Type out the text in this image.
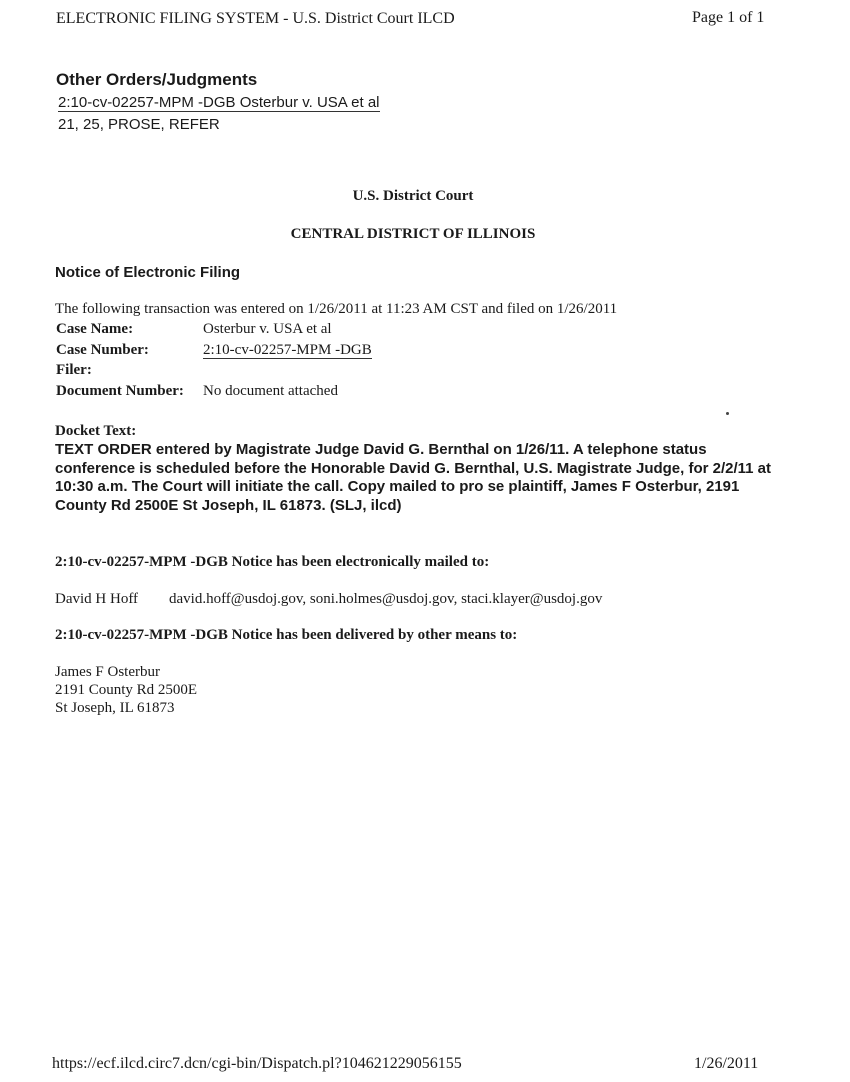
ELECTRONIC FILING SYSTEM - U.S. District Court ILCD	Page 1 of 1
Other Orders/Judgments
2:10-cv-02257-MPM -DGB Osterbur v. USA et al
21, 25, PROSE, REFER
U.S. District Court
CENTRAL DISTRICT OF ILLINOIS
Notice of Electronic Filing
The following transaction was entered on 1/26/2011 at 11:23 AM CST and filed on 1/26/2011
Case Name:	Osterbur v. USA et al
Case Number:	2:10-cv-02257-MPM -DGB
Filer:
Document Number: No document attached
Docket Text:
TEXT ORDER entered by Magistrate Judge David G. Bernthal on 1/26/11. A telephone status conference is scheduled before the Honorable David G. Bernthal, U.S. Magistrate Judge, for 2/2/11 at 10:30 a.m. The Court will initiate the call. Copy mailed to pro se plaintiff, James F Osterbur, 2191 County Rd 2500E St Joseph, IL 61873. (SLJ, ilcd)
2:10-cv-02257-MPM -DGB Notice has been electronically mailed to:
David H Hoff david.hoff@usdoj.gov, soni.holmes@usdoj.gov, staci.klayer@usdoj.gov
2:10-cv-02257-MPM -DGB Notice has been delivered by other means to:
James F Osterbur
2191 County Rd 2500E
St Joseph, IL 61873
https://ecf.ilcd.circ7.dcn/cgi-bin/Dispatch.pl?104621229056155	1/26/2011
